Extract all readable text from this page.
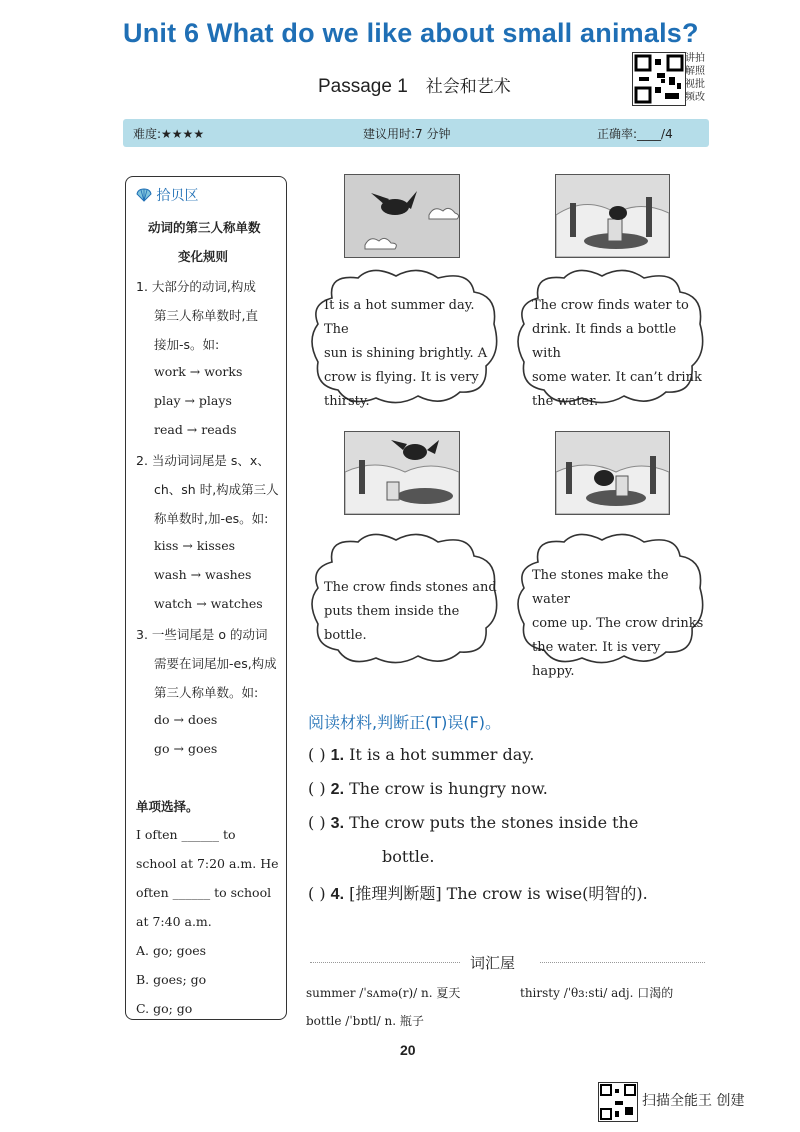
Unit 6 What do we like about small animals?
Passage 1 社会和艺术
讲拍
解照
视批
频改
难度:★★★★	建议用时:7 分钟	正确率:____/4
拾贝区
动词的第三人称单数
变化规则
1. 大部分的动词,构成
第三人称单数时,直
接加-s。如:
work → works
play → plays
read → reads
2. 当动词词尾是 s、x、
ch、sh 时,构成第三人
称单数时,加-es。如:
kiss → kisses
wash → washes
watch → watches
3. 一些词尾是 o 的动词
需要在词尾加-es,构成
第三人称单数。如:
do → does
go → goes
单项选择。
I often ______ to
school at 7:20 a.m. He
often ______ to school
at 7:40 a.m.
A. go; goes
B. goes; go
C. go; go
It is a hot summer day. The
sun is shining brightly. A
crow is flying. It is very
thirsty.
The crow finds water to
drink. It finds a bottle with
some water. It can’t drink
the water.
The crow finds stones and
puts them inside the bottle.
The stones make the water
come up. The crow drinks
the water. It is very happy.
阅读材料,判断正(T)误(F)。
( ) 1. It is a hot summer day.
( ) 2. The crow is hungry now.
( ) 3. The crow puts the stones inside the
bottle.
( ) 4. [推理判断题] The crow is wise(明智的).
词汇屋
summer /ˈsʌmə(r)/ n. 夏天	thirsty /ˈθɜːsti/ adj. 口渴的
bottle /ˈbɒtl/ n. 瓶子
20
扫描全能王 创建
